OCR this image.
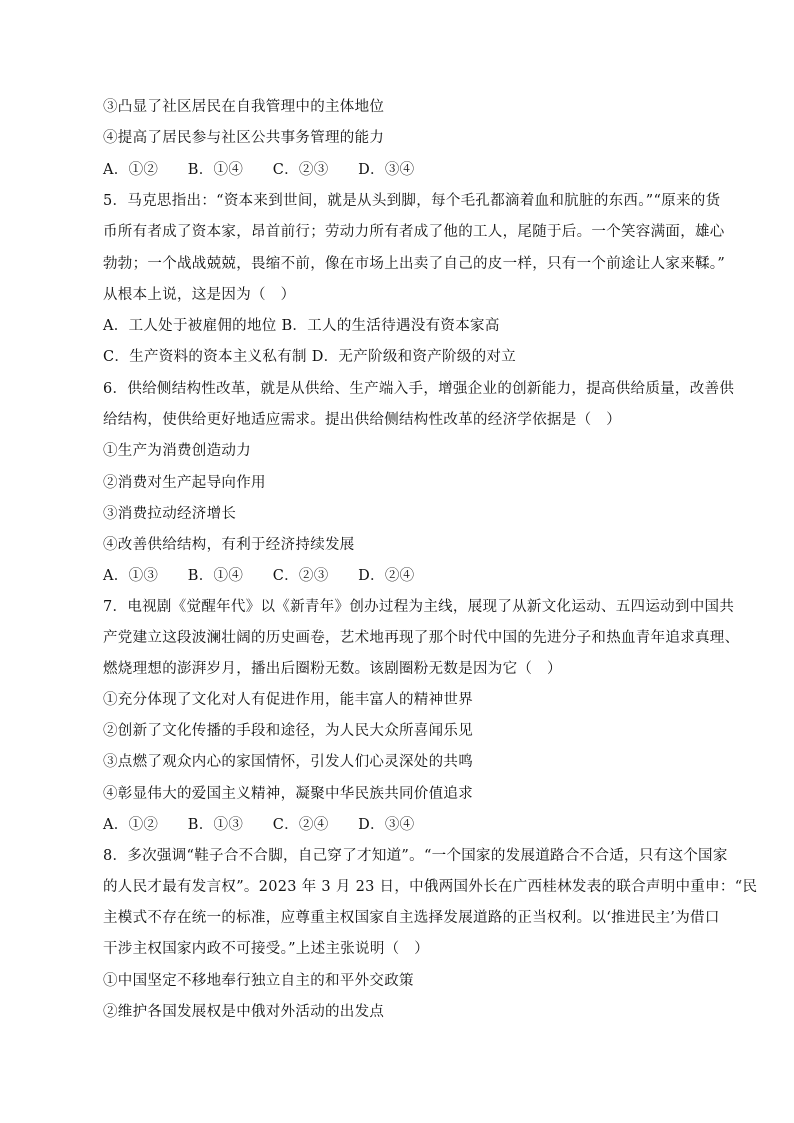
③凸显了社区居民在自我管理中的主体地位
④提高了居民参与社区公共事务管理的能力
A．①②　　B．①④　　C．②③　　D．③④
5．马克思指出：“资本来到世间，就是从头到脚，每个毛孔都滴着血和肮脏的东西。”“原来的货
币所有者成了资本家，昂首前行；劳动力所有者成了他的工人，尾随于后。一个笑容满面，雄心
勃勃；一个战战兢兢，畏缩不前，像在市场上出卖了自己的皮一样，只有一个前途让人家来鞣。”
从根本上说，这是因为（　）
A．工人处于被雇佣的地位 B．工人的生活待遇没有资本家高
C．生产资料的资本主义私有制 D．无产阶级和资产阶级的对立
6．供给侧结构性改革，就是从供给、生产端入手，增强企业的创新能力，提高供给质量，改善供
给结构，使供给更好地适应需求。提出供给侧结构性改革的经济学依据是（　）
①生产为消费创造动力
②消费对生产起导向作用
③消费拉动经济增长
④改善供给结构，有利于经济持续发展
A．①③　　B．①④　　C．②③　　D．②④
7．电视剧《觉醒年代》以《新青年》创办过程为主线，展现了从新文化运动、五四运动到中国共
产党建立这段波澜壮阔的历史画卷，艺术地再现了那个时代中国的先进分子和热血青年追求真理、
燃烧理想的澎湃岁月，播出后圈粉无数。该剧圈粉无数是因为它（　）
①充分体现了文化对人有促进作用，能丰富人的精神世界
②创新了文化传播的手段和途径，为人民大众所喜闻乐见
③点燃了观众内心的家国情怀，引发人们心灵深处的共鸣
④彰显伟大的爱国主义精神，凝聚中华民族共同价值追求
A．①②　　B．①③　　C．②④　　D．③④
8．多次强调“鞋子合不合脚，自己穿了才知道”。“一个国家的发展道路合不合适，只有这个国家
的人民才最有发言权”。2023 年 3 月 23 日，中俄两国外长在广西桂林发表的联合声明中重申：“民
主模式不存在统一的标准，应尊重主权国家自主选择发展道路的正当权利。以‘推进民主’为借口
干涉主权国家内政不可接受。”上述主张说明（　）
①中国坚定不移地奉行独立自主的和平外交政策
②维护各国发展权是中俄对外活动的出发点
